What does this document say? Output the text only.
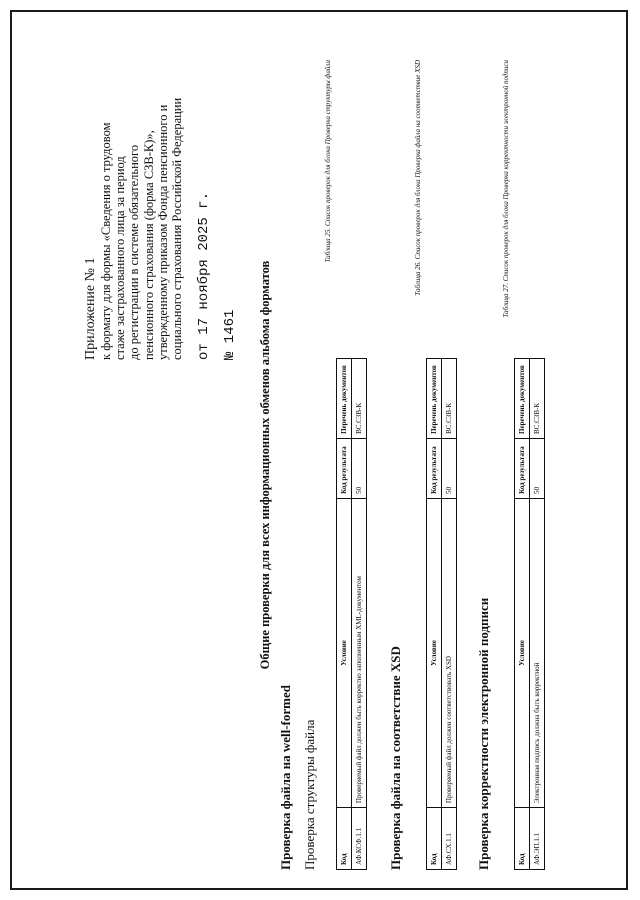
Приложение № 1 к формату для формы «Сведения о трудовом стаже застрахованного лица за период до регистрации в системе обязательного пенсионного страхования (форма СЗВ-К)», утвержденному приказом Фонда пенсионного и социального страхования Российской Федерации от 17 ноября 2025 г. № 1461 Общие проверки для всех информационных обменов альбома форматов
Проверка файла на well-formed Проверка структуры файла
Таблица 25. Список проверок для блока Проверка структуры файла
Код	Условие	Код результата	Перечень документов
АФ.КСФ.1.1	Проверяемый файл должен быть корректно заполненным XML-документом	50	ВС.СЗВ-К
Проверка файла на соответствие XSD
Таблица 26. Список проверок для блока Проверка файла на соответствие XSD
Код	Условие	Код результата	Перечень документов
АФ.СХ.1.1	Проверяемый файл должен соответствовать XSD	50	ВС.СЗВ-К
Проверка корректности электронной подписи
Таблица 27. Список проверок для блока Проверка корректности электронной подписи
Код	Условие	Код результата	Перечень документов
АФ.ЭП.1.1	Электронная подпись должна быть корректной	50	ВС.СЗВ-К
